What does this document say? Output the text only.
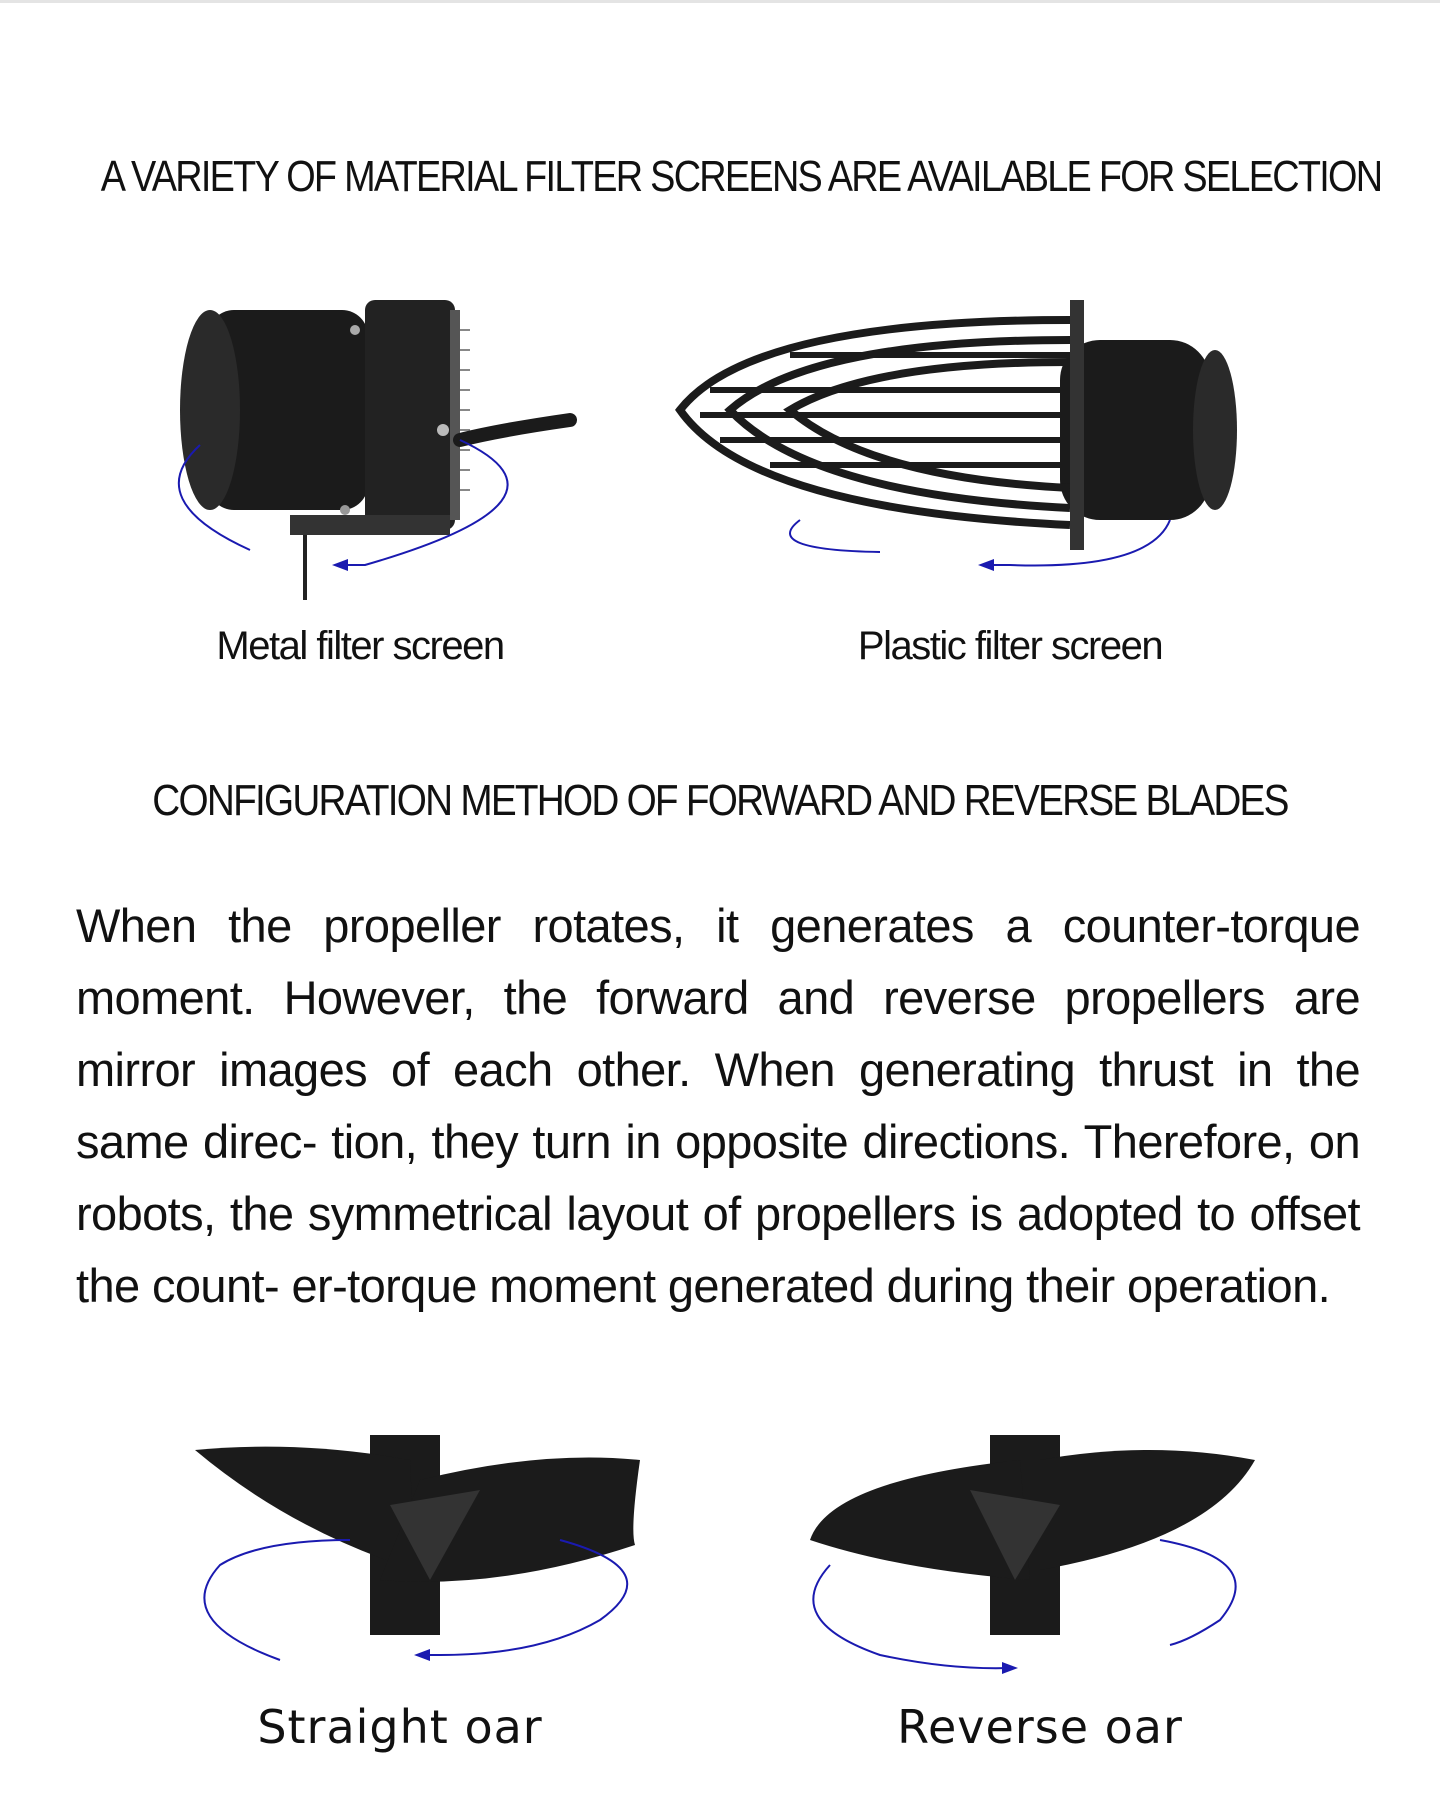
A VARIETY OF MATERIAL FILTER SCREENS ARE AVAILABLE FOR SELECTION
Metal filter screen	Plastic filter screen
CONFIGURATION METHOD OF FORWARD AND REVERSE BLADES
When the propeller rotates, it generates a counter-torque moment. However, the forward and reverse propellers are mirror images of each other. When generating thrust in the same direc- tion, they turn in opposite directions. Therefore, on robots, the symmetrical layout of propellers is adopted to offset the count- er-torque moment generated during their operation.
Straight oar	Reverse oar
